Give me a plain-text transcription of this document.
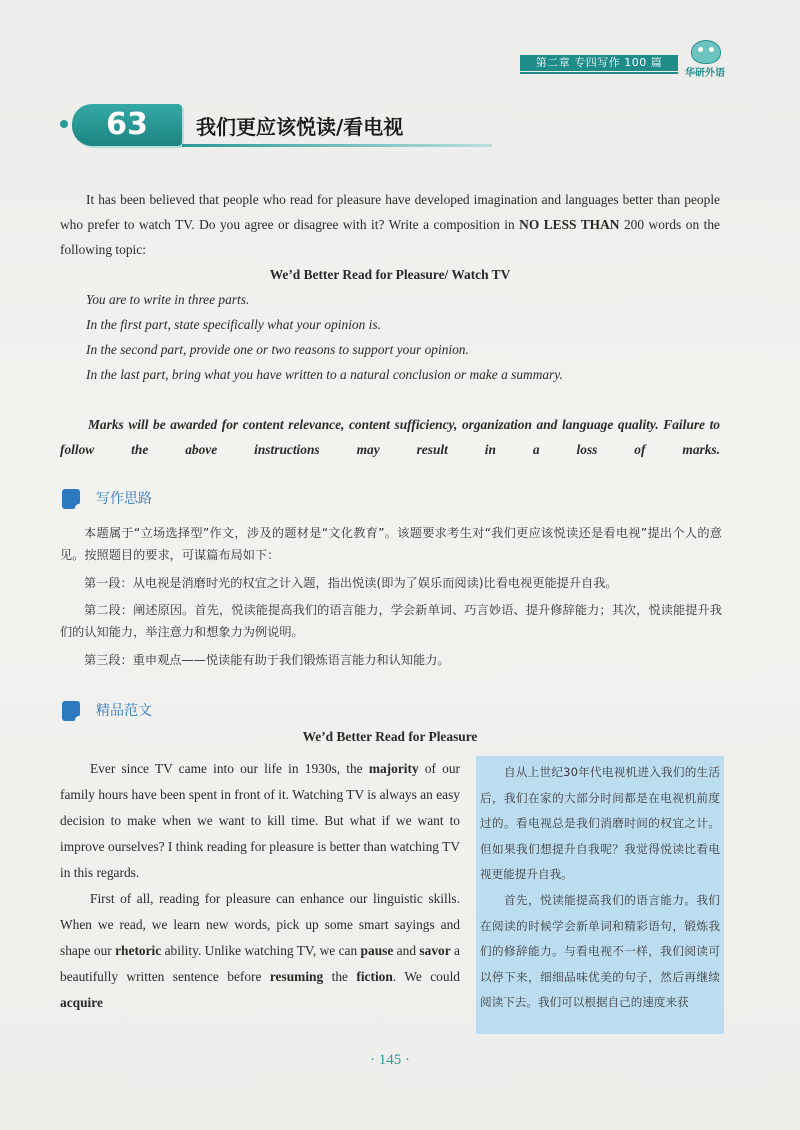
第二章 专四写作 100 篇
华研外语
63	我们更应该悦读/看电视
It has been believed that people who read for pleasure have developed imagination and languages better than people who prefer to watch TV. Do you agree or disagree with it? Write a composition in NO LESS THAN 200 words on the following topic:
We’d Better Read for Pleasure/ Watch TV
You are to write in three parts.
In the first part, state specifically what your opinion is.
In the second part, provide one or two reasons to support your opinion.
In the last part, bring what you have written to a natural conclusion or make a summary.
Marks will be awarded for content relevance, content sufficiency, organization and language quality. Failure to follow the above instructions may result in a loss of marks.
写作思路
本题属于“立场选择型”作文，涉及的题材是“文化教育”。该题要求考生对“我们更应该悦读还是看电视”提出个人的意见。按照题目的要求，可谋篇布局如下：
第一段：从电视是消磨时光的权宜之计入题，指出悦读(即为了娱乐而阅读)比看电视更能提升自我。
第二段：阐述原因。首先，悦读能提高我们的语言能力，学会新单词、巧言妙语、提升修辞能力；其次，悦读能提升我们的认知能力，举注意力和想象力为例说明。
第三段：重申观点——悦读能有助于我们锻炼语言能力和认知能力。
精品范文
We’d Better Read for Pleasure

Ever since TV came into our life in 1930s, the majority of our family hours have been spent in front of it. Watching TV is always an easy decision to make when we want to kill time. But what if we want to improve ourselves? I think reading for pleasure is better than watching TV in this regards.

First of all, reading for pleasure can enhance our linguistic skills. When we read, we learn new words, pick up some smart sayings and shape our rhetoric ability. Unlike watching TV, we can pause and savor a beautifully written sentence before resuming the fiction. We could acquire

自从上世纪30年代电视机进入我们的生活后，我们在家的大部分时间都是在电视机前度过的。看电视总是我们消磨时间的权宜之计。但如果我们想提升自我呢？我觉得悦读比看电视更能提升自我。

首先，悦读能提高我们的语言能力。我们在阅读的时候学会新单词和精彩语句，锻炼我们的修辞能力。与看电视不一样，我们阅读可以停下来，细细品味优美的句子，然后再继续阅读下去。我们可以根据自己的速度来获

· 145 ·
